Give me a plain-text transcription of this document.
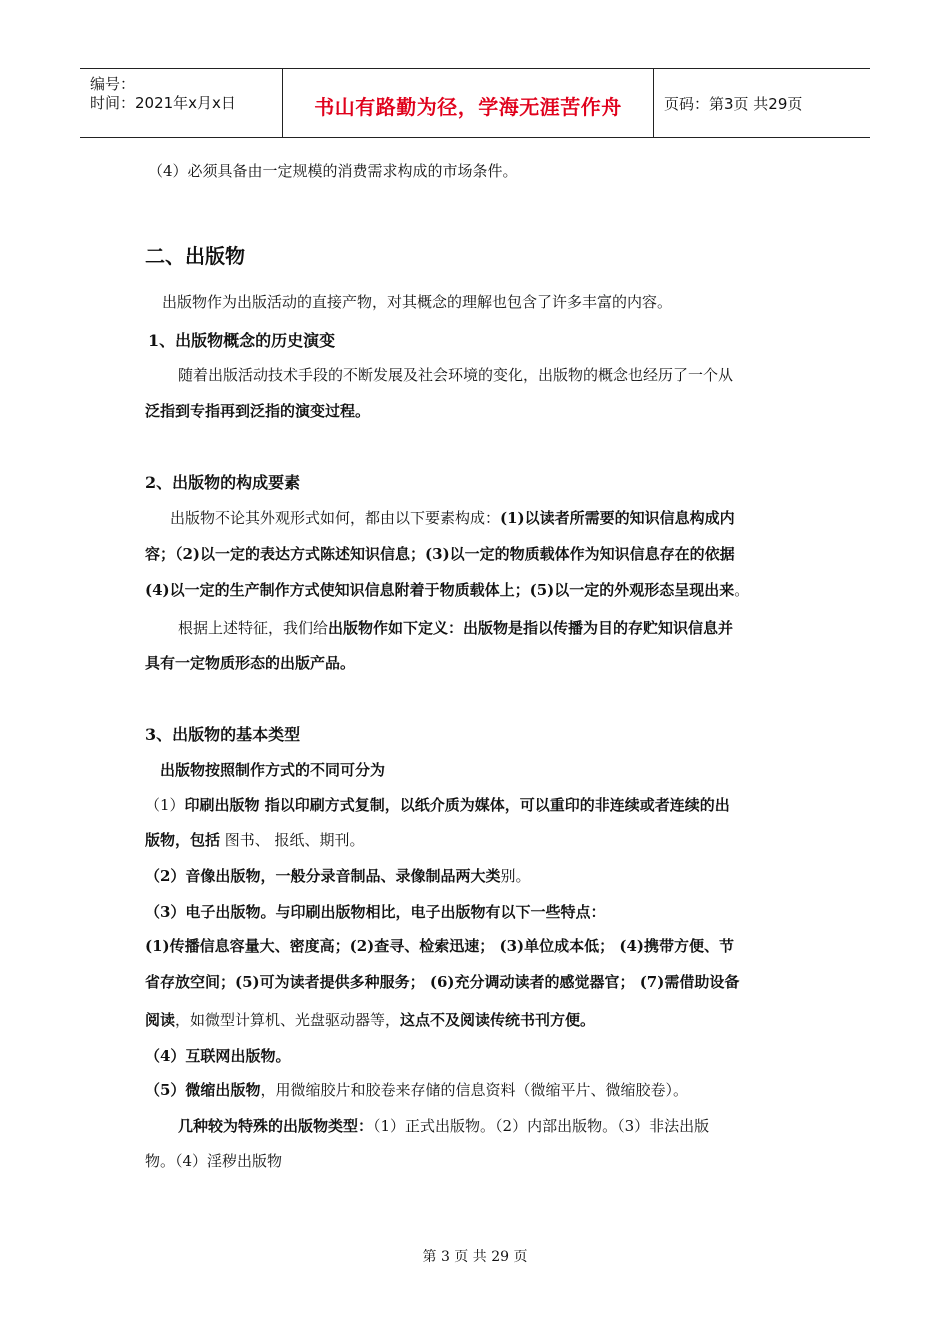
编号：
时间：2021年x月x日	书山有路勤为径，学海无涯苦作舟	页码：第3页 共29页
（4）必须具备由一定规模的消费需求构成的市场条件。
二、出版物
出版物作为出版活动的直接产物，对其概念的理解也包含了许多丰富的内容。
1、出版物概念的历史演变
随着出版活动技术手段的不断发展及社会环境的变化，出版物的概念也经历了一个从
泛指到专指再到泛指的演变过程。
2、出版物的构成要素
出版物不论其外观形式如何，都由以下要素构成：(1)以读者所需要的知识信息构成内
容；（2)以一定的表达方式陈述知识信息；(3)以一定的物质载体作为知识信息存在的依据
(4)以一定的生产制作方式使知识信息附着于物质载体上；(5)以一定的外观形态呈现出来。
根据上述特征，我们给出版物作如下定义：出版物是指以传播为目的存贮知识信息并
具有一定物质形态的出版产品。
3、出版物的基本类型
出版物按照制作方式的不同可分为
（1）印刷出版物 指以印刷方式复制，以纸介质为媒体，可以重印的非连续或者连续的出
版物，包括 图书、 报纸、期刊。
（2）音像出版物，一般分录音制品、录像制品两大类别。
（3）电子出版物。与印刷出版物相比，电子出版物有以下一些特点：
(1)传播信息容量大、密度高；(2)查寻、检索迅速； (3)单位成本低； (4)携带方便、节
省存放空间；(5)可为读者提供多种服务； (6)充分调动读者的感觉器官； (7)需借助设备
阅读，如微型计算机、光盘驱动器等，这点不及阅读传统书刊方便。
（4）互联网出版物。
（5）微缩出版物，用微缩胶片和胶卷来存储的信息资料（微缩平片、微缩胶卷）。
几种较为特殊的出版物类型：（1）正式出版物。（2）内部出版物。（3）非法出版
物。（4）淫秽出版物
第 3 页 共 29 页
